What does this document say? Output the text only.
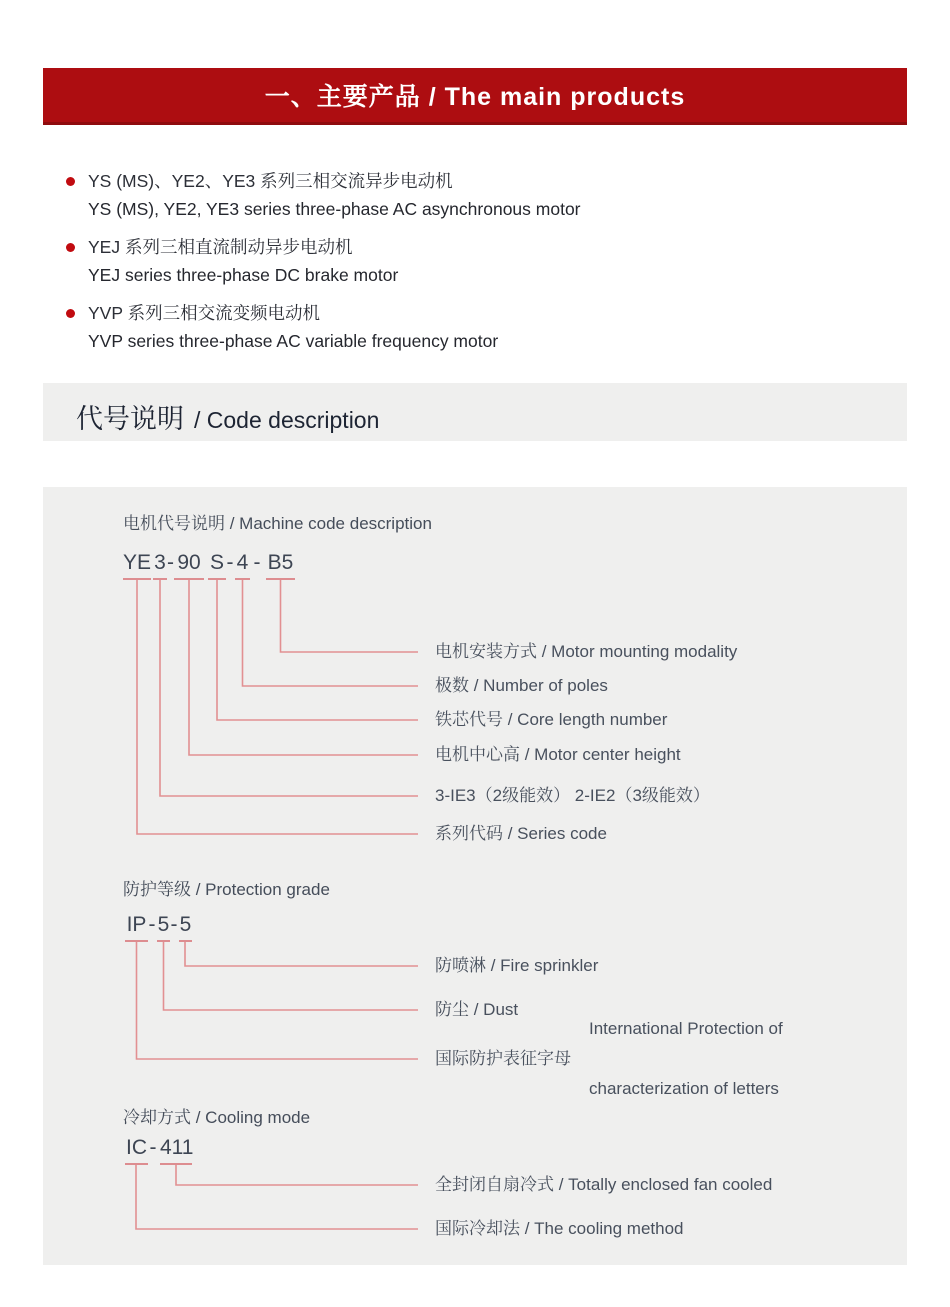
一、主要产品 / The main products
YS (MS)、YE2、YE3 系列三相交流异步电动机
YS (MS), YE2, YE3 series three-phase AC asynchronous motor
YEJ 系列三相直流制动异步电动机
YEJ series three-phase DC brake motor
YVP 系列三相交流变频电动机
YVP series three-phase AC variable frequency motor
代号说明 / Code description
电机代号说明 / Machine code description
YE 3 - 90 S - 4 - B5
电机安装方式 / Motor mounting modality
极数 / Number of poles
铁芯代号 / Core length number
电机中心高 / Motor center height
3-IE3（2级能效） 2-IE2（3级能效）
系列代码 / Series code
防护等级 / Protection grade
IP - 5 - 5
防喷淋 / Fire sprinkler
防尘 / Dust
国际防护表征字母

International Protection of

characterization of letters

冷却方式 / Cooling mode
IC - 411
全封闭自扇冷式 / Totally enclosed fan cooled
国际冷却法 / The cooling method
